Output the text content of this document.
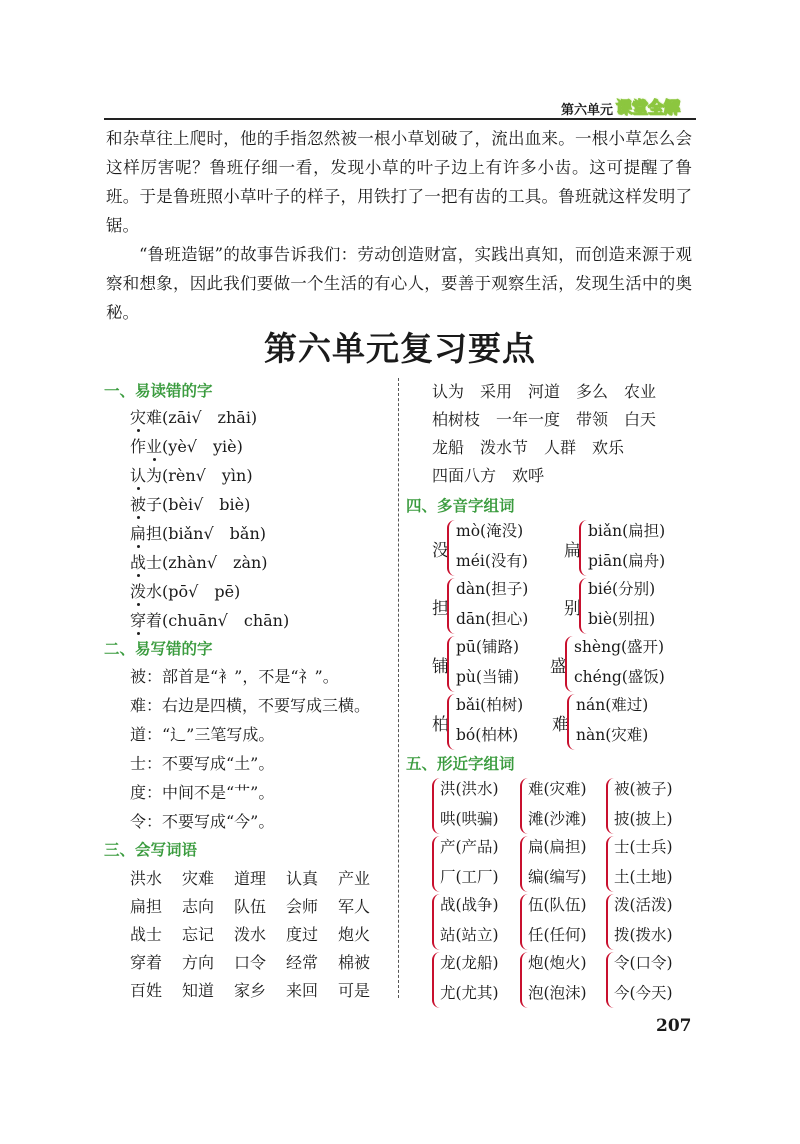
第六单元 课堂全解

和杂草往上爬时，他的手指忽然被一根小草划破了，流出血来。一根小草怎么会这样厉害呢？鲁班仔细一看，发现小草的叶子边上有许多小齿。这可提醒了鲁班。于是鲁班照小草叶子的样子，用铁打了一把有齿的工具。鲁班就这样发明了锯。

“鲁班造锯”的故事告诉我们：劳动创造财富，实践出真知，而创造来源于观察和想象，因此我们要做一个生活的有心人，要善于观察生活，发现生活中的奥秘。

第六单元复习要点
一、易读错的字
灾难(zāi√　zhāi)
作业(yè√　yiè)
认为(rèn√　yìn)
被子(bèi√　biè)
扁担(biǎn√　bǎn)
战士(zhàn√　zàn)
泼水(pō√　pē)
穿着(chuān√　chān)
二、易写错的字
被：部首是“衤”，不是“礻”。
难：右边是四横，不要写成三横。
道：“辶”三笔写成。
士：不要写成“土”。
度：中间不是“艹”。
令：不要写成“今”。
三、会写词语
洪水 灾难 道理 认真 产业
扁担 志向 队伍 会师 军人
战士 忘记 泼水 度过 炮火
穿着 方向 口令 经常 棉被
百姓 知道 家乡 来回 可是
认为　采用　河道　多么　农业
柏树枝　一年一度　带领　白天
龙船　泼水节　人群　欢乐
四面八方　欢呼
四、多音字组词
没
mò(淹没)
méi(没有) 扁
biǎn(扁担)
piān(扁舟)
担
dàn(担子)
dān(担心) 别
bié(分别)
biè(别扭)
铺
pū(铺路)
pù(当铺) 盛
shèng(盛开)
chéng(盛饭)
柏
bǎi(柏树)
bó(柏林) 难
nán(难过)
nàn(灾难)
五、形近字组词
洪(洪水)
哄(哄骗)
难(灾难)
滩(沙滩)
被(被子)
披(披上)
产(产品)
厂(工厂)
扁(扁担)
编(编写)
士(士兵)
土(土地)
战(战争)
站(站立)
伍(队伍)
任(任何)
泼(活泼)
拨(拨水)
龙(龙船)
尤(尤其)
炮(炮火)
泡(泡沫)
令(口令)
今(今天)
207
